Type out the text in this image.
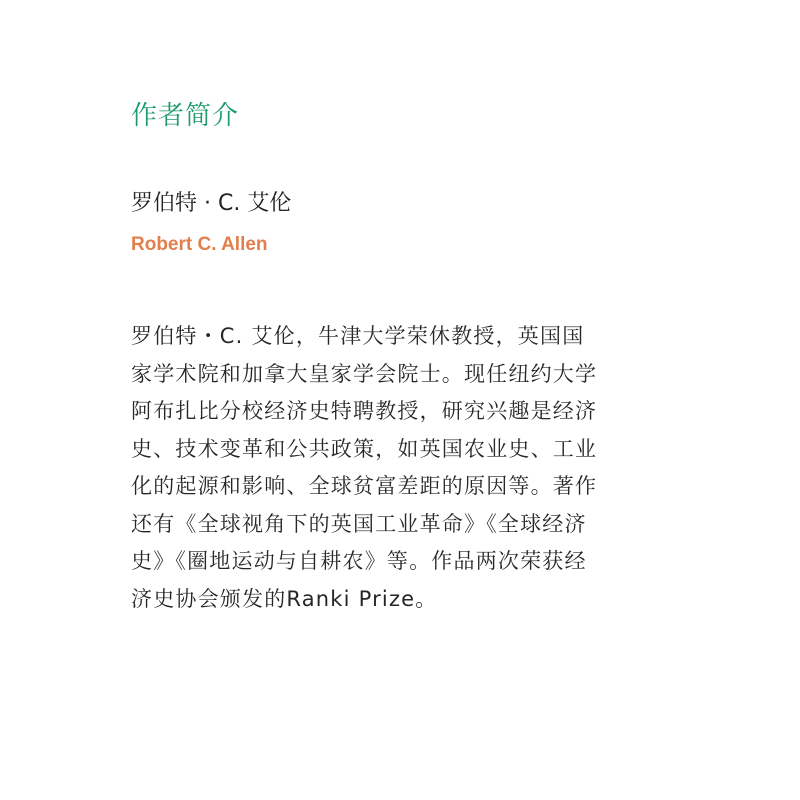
作者简介
罗伯特 · C. 艾伦
Robert C. Allen

罗伯特・C. 艾伦，牛津大学荣休教授，英国国
家学术院和加拿大皇家学会院士。现任纽约大学
阿布扎比分校经济史特聘教授，研究兴趣是经济
史、技术变革和公共政策，如英国农业史、工业
化的起源和影响、全球贫富差距的原因等。著作
还有《全球视角下的英国工业革命》《全球经济
史》《圈地运动与自耕农》等。作品两次荣获经
济史协会颁发的Ranki Prize。
